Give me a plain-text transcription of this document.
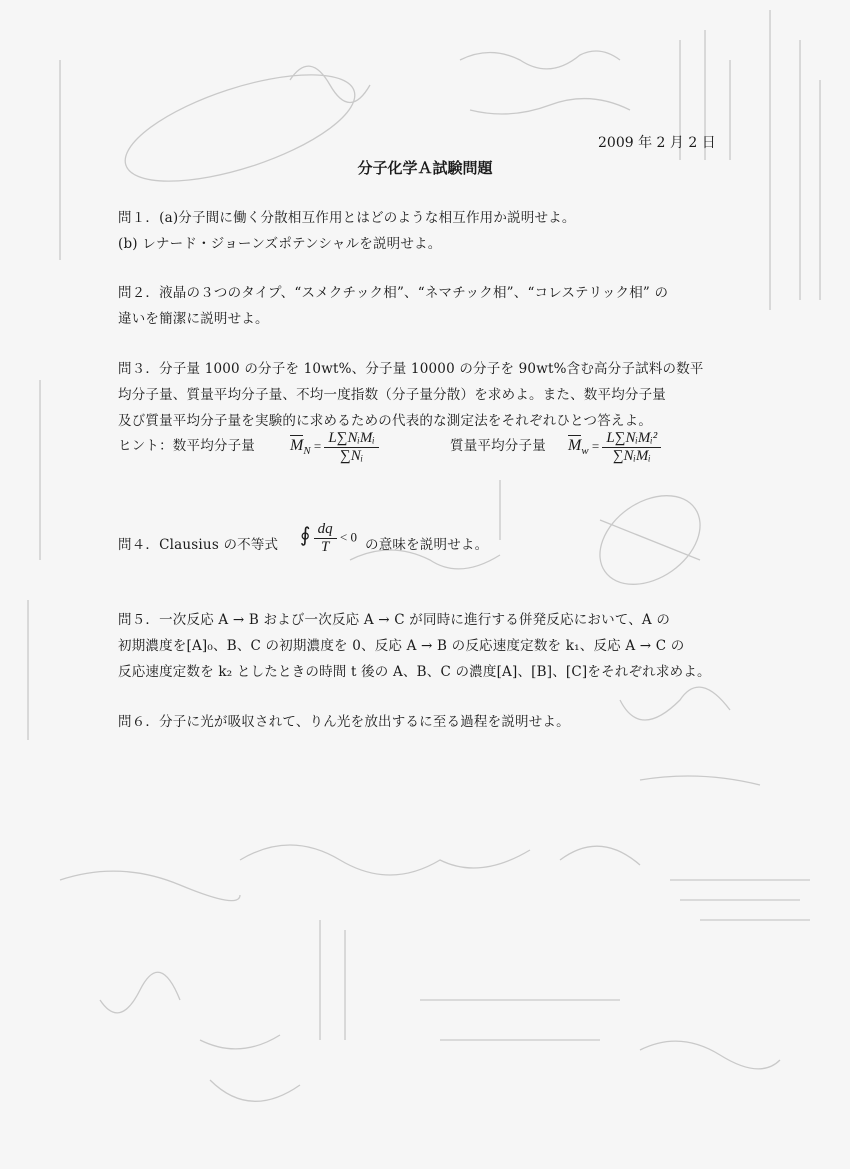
2009 年 2 月 2 日
分子化学Ａ試験問題
問１．(a)分子間に働く分散相互作用とはどのような相互作用か説明せよ。
(b) レナード・ジョーンズポテンシャルを説明せよ。
問２．液晶の３つのタイプ、“スメクチック相”、“ネマチック相”、“コレステリック相” の
違いを簡潔に説明せよ。
問３．分子量 1000 の分子を 10wt%、分子量 10000 の分子を 90wt%含む高分子試料の数平
均分子量、質量平均分子量、不均一度指数（分子量分散）を求めよ。また、数平均分子量
及び質量平均分子量を実験的に求めるための代表的な測定法をそれぞれひとつ答えよ。
ヒント：数平均分子量 $M_N = \frac{\text{L∑NᵢMᵢ}}{\text{∑Nᵢ}}$	質量平均分子量 $M_w = \frac{\text{L∑NᵢMᵢ²}}{\text{∑NᵢMᵢ}}$
問４．Clausius の不等式 ∮ $\frac{dq}{T} < 0$
の意味を説明せよ。
問５．一次反応 A → B および一次反応 A → C が同時に進行する併発反応において、A の
初期濃度を[A]₀、B、C の初期濃度を 0、反応 A → B の反応速度定数を k₁、反応 A → C の
反応速度定数を k₂ としたときの時間 t 後の A、B、C の濃度[A]、[B]、[C]をそれぞれ求めよ。
問６．分子に光が吸収されて、りん光を放出するに至る過程を説明せよ。
